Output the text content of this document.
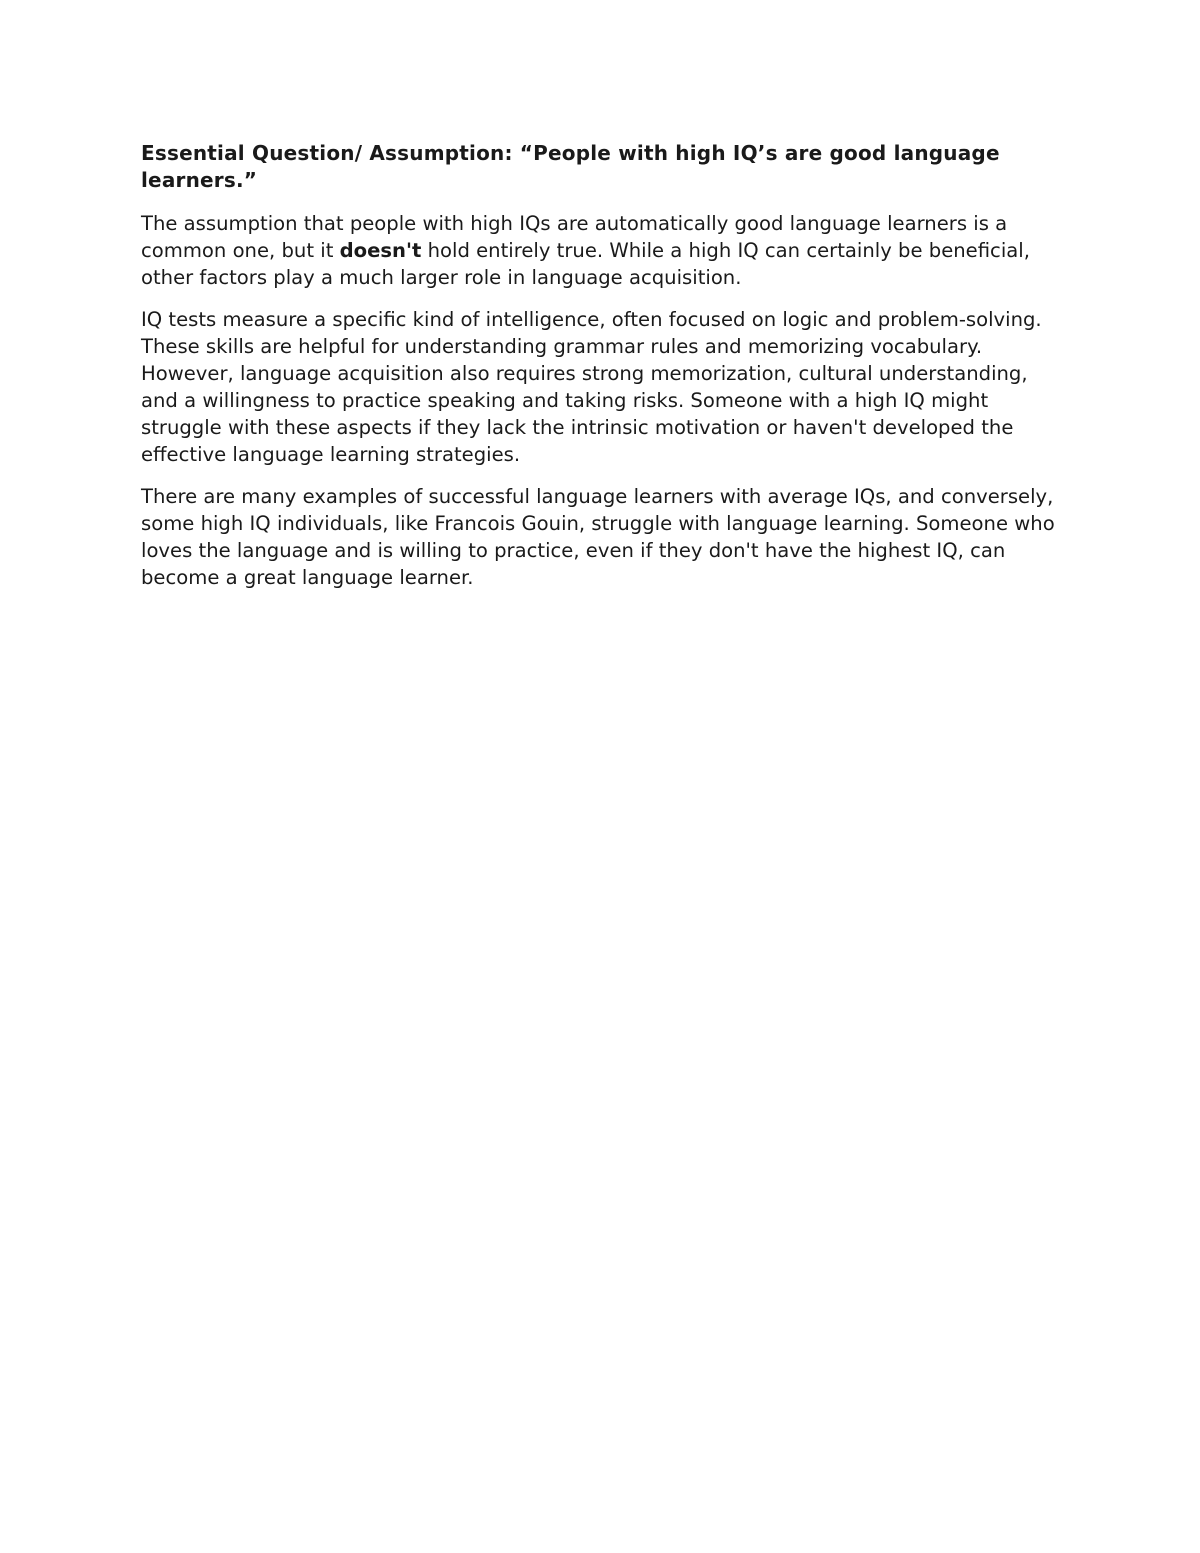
Essential Question/ Assumption: “People with high IQ’s are good language learners.”

The assumption that people with high IQs are automatically good language learners is a common one, but it doesn't hold entirely true. While a high IQ can certainly be beneficial, other factors play a much larger role in language acquisition.

IQ tests measure a specific kind of intelligence, often focused on logic and problem-solving. These skills are helpful for understanding grammar rules and memorizing vocabulary. However, language acquisition also requires strong memorization, cultural understanding, and a willingness to practice speaking and taking risks. Someone with a high IQ might struggle with these aspects if they lack the intrinsic motivation or haven't developed the effective language learning strategies.

There are many examples of successful language learners with average IQs, and conversely, some high IQ individuals, like Francois Gouin, struggle with language learning. Someone who loves the language and is willing to practice, even if they don't have the highest IQ, can become a great language learner.
